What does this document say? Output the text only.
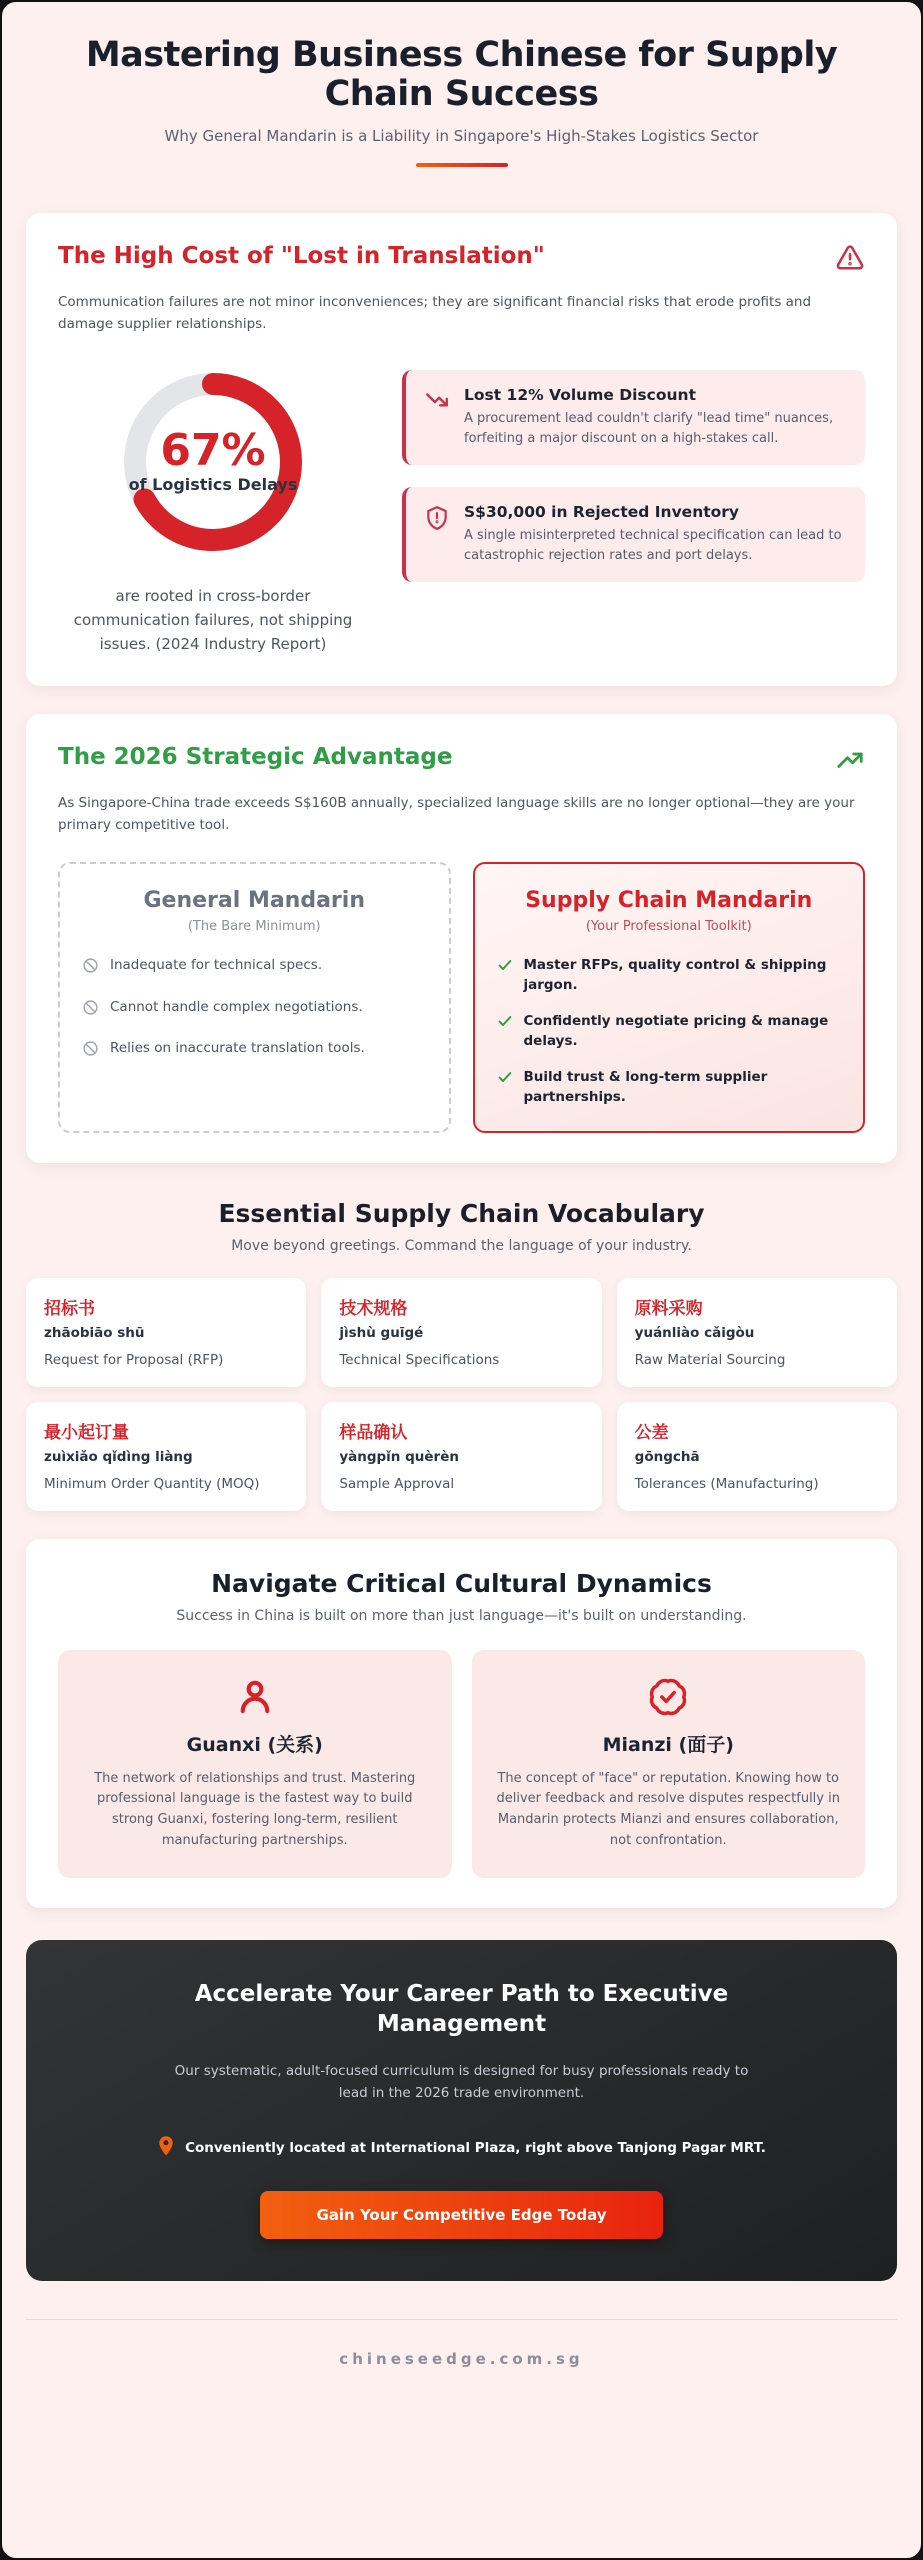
Mastering Business Chinese for Supply Chain Success
Why General Mandarin is a Liability in Singapore's High-Stakes Logistics Sector
The High Cost of "Lost in Translation"
Communication failures are not minor inconveniences; they are significant financial risks that erode profits and damage supplier relationships.
67%
of Logistics Delays
are rooted in cross-border communication failures, not shipping issues. (2024 Industry Report)
Lost 12% Volume Discount
A procurement lead couldn't clarify "lead time" nuances, forfeiting a major discount on a high-stakes call.
S$30,000 in Rejected Inventory
A single misinterpreted technical specification can lead to catastrophic rejection rates and port delays.
The 2026 Strategic Advantage
As Singapore-China trade exceeds S$160B annually, specialized language skills are no longer optional—they are your primary competitive tool.
General Mandarin
(The Bare Minimum)
Inadequate for technical specs.
Cannot handle complex negotiations.
Relies on inaccurate translation tools.
Supply Chain Mandarin
(Your Professional Toolkit)
Master RFPs, quality control & shipping jargon.
Confidently negotiate pricing & manage delays.
Build trust & long-term supplier partnerships.
Essential Supply Chain Vocabulary
Move beyond greetings. Command the language of your industry.
招标书
zhāobiāo shū
Request for Proposal (RFP)
技术规格
jìshù guīgé
Technical Specifications
原料采购
yuánliào cǎigòu
Raw Material Sourcing
最小起订量
zuìxiǎo qǐdìng liàng
Minimum Order Quantity (MOQ)
样品确认
yàngpǐn quèrèn
Sample Approval
公差
gōngchā
Tolerances (Manufacturing)
Navigate Critical Cultural Dynamics
Success in China is built on more than just language—it's built on understanding.
Guanxi (关系)
The network of relationships and trust. Mastering professional language is the fastest way to build strong Guanxi, fostering long-term, resilient manufacturing partnerships.
Mianzi (面子)
The concept of "face" or reputation. Knowing how to deliver feedback and resolve disputes respectfully in Mandarin protects Mianzi and ensures collaboration, not confrontation.
Accelerate Your Career Path to Executive Management
Our systematic, adult-focused curriculum is designed for busy professionals ready to lead in the 2026 trade environment.
Conveniently located at International Plaza, right above Tanjong Pagar MRT.
Gain Your Competitive Edge Today
chineseedge.com.sg
